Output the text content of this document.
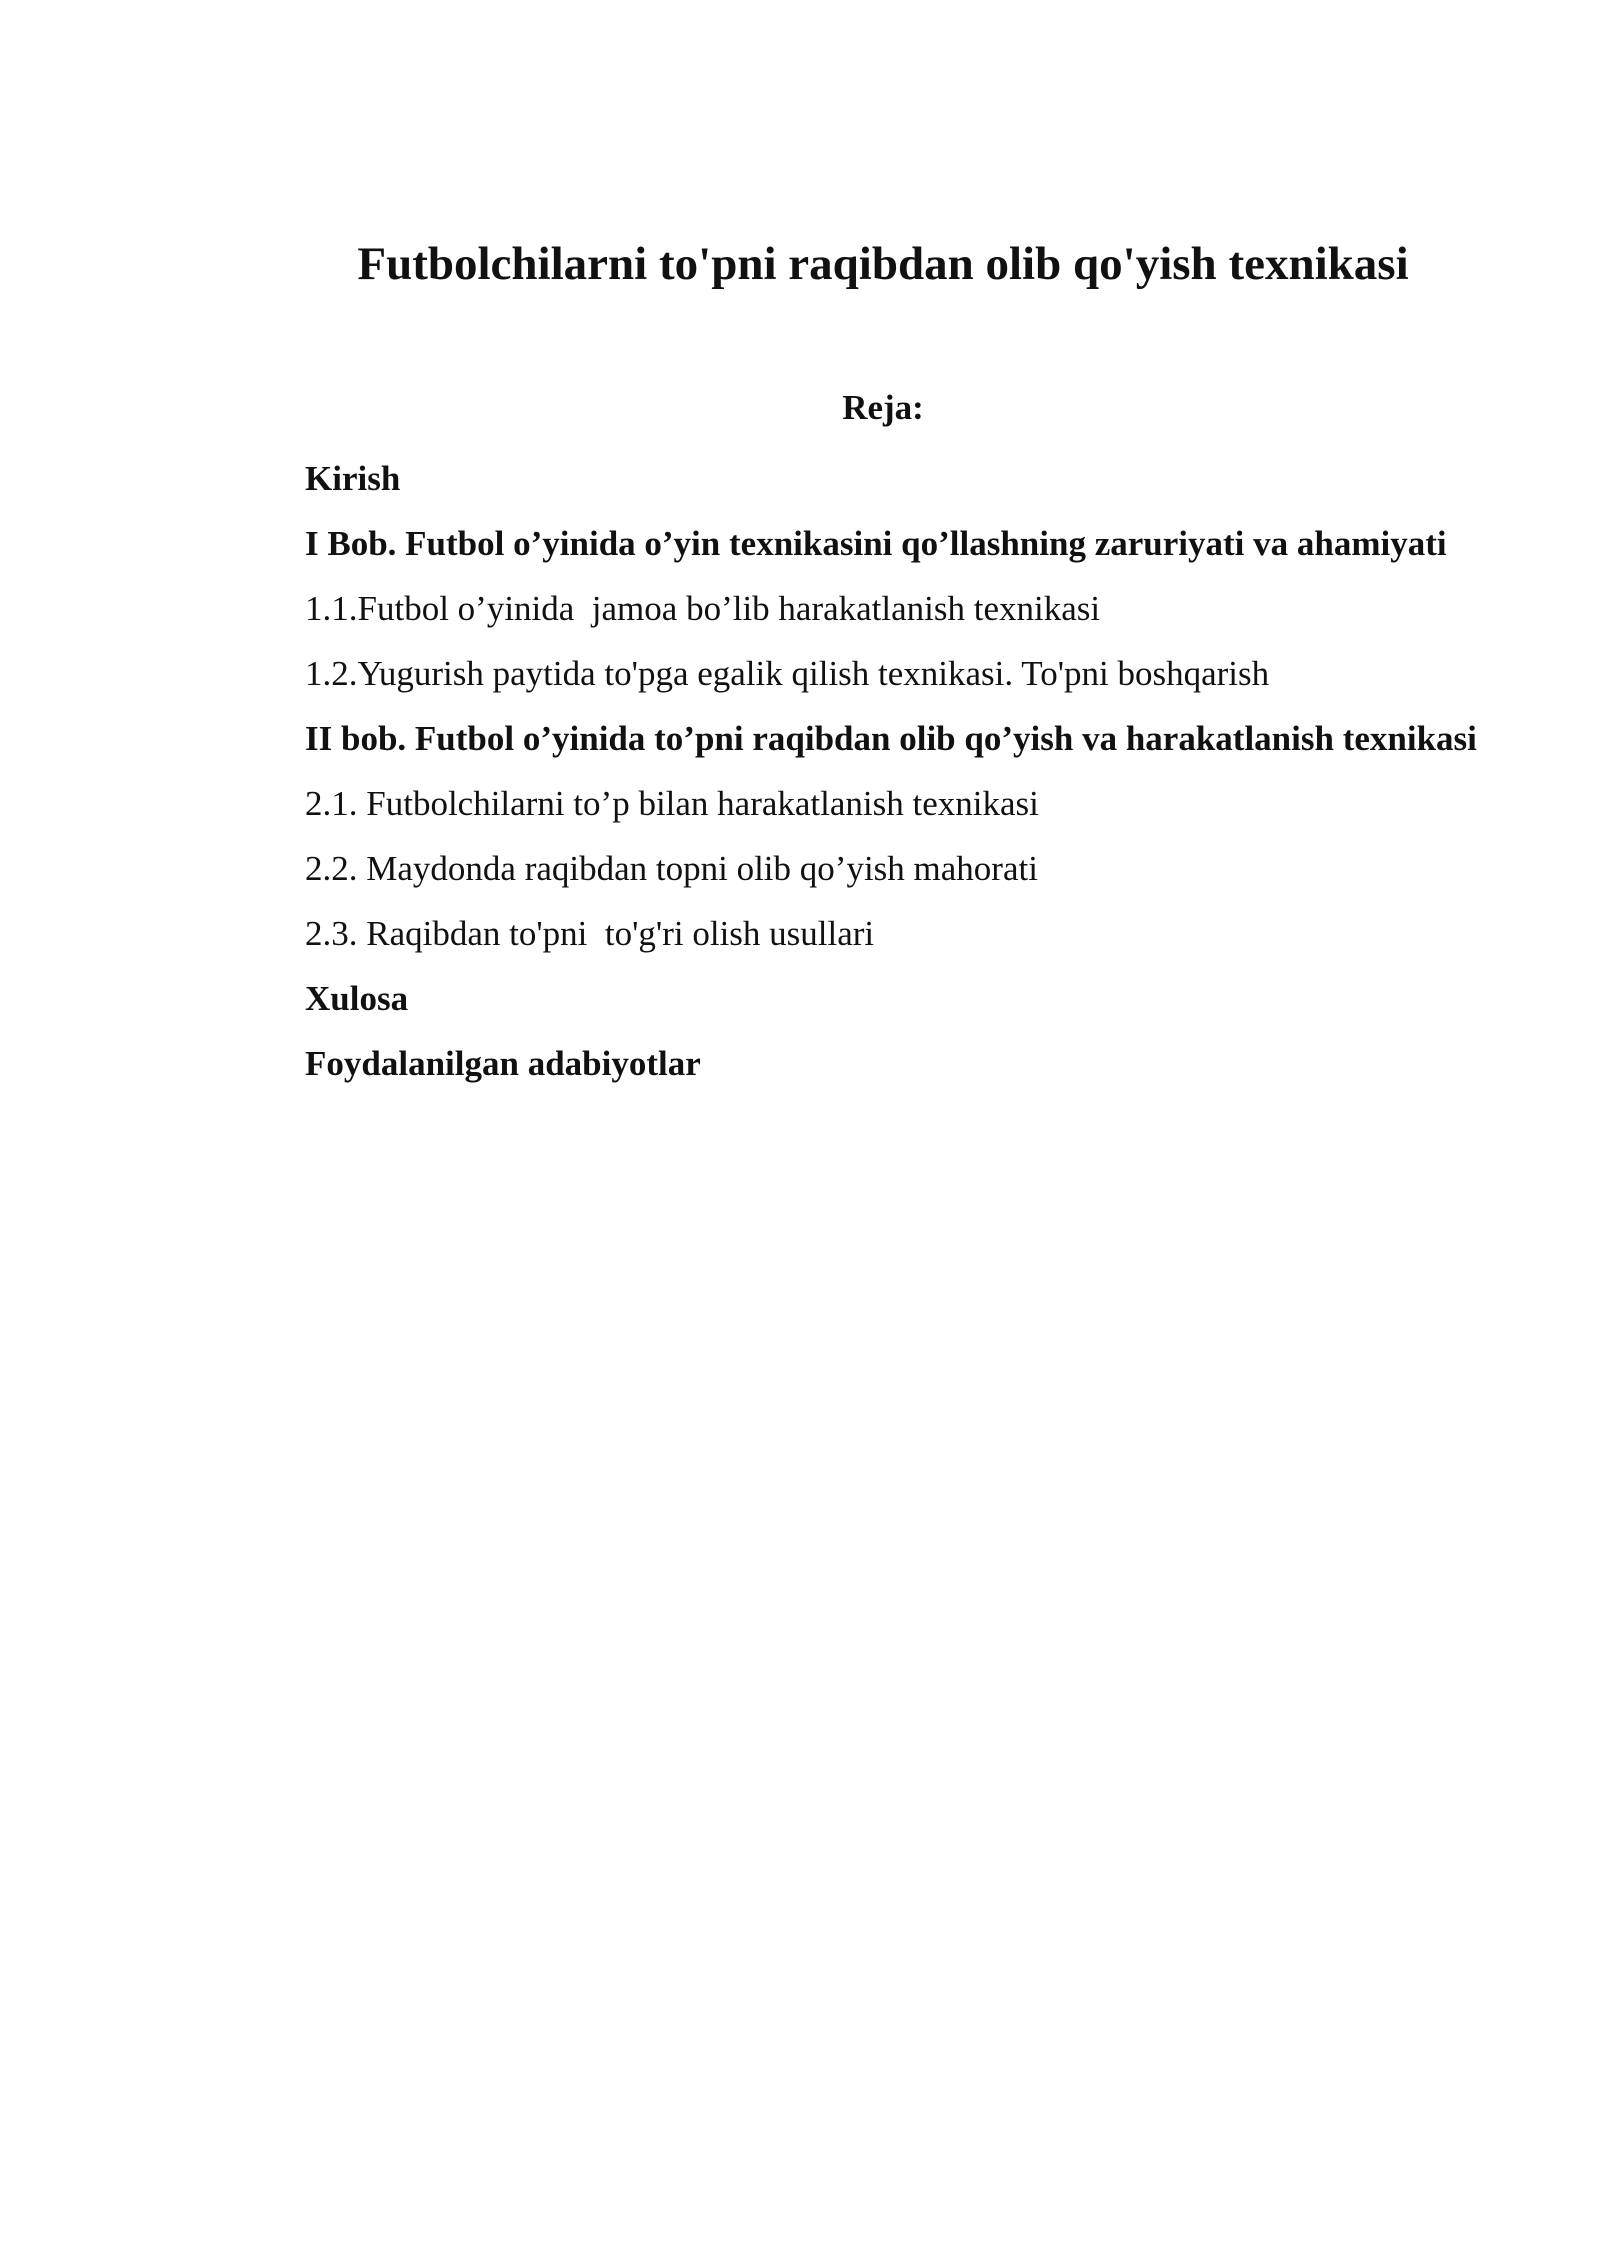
Futbolchilarni to'pni raqibdan olib qo'yish texnikasi
Reja:

Kirish

I Bob. Futbol o’yinida o’yin texnikasini qo’llashning zaruriyati va ahamiyati

1.1.Futbol o’yinida  jamoa bo’lib harakatlanish texnikasi

1.2.Yugurish paytida to'pga egalik qilish texnikasi. To'pni boshqarish

II bob. Futbol o’yinida to’pni raqibdan olib qo’yish va harakatlanish texnikasi

2.1. Futbolchilarni to’p bilan harakatlanish texnikasi

2.2. Maydonda raqibdan topni olib qo’yish mahorati

2.3. Raqibdan to'pni  to'g'ri olish usullari

Xulosa

Foydalanilgan adabiyotlar
